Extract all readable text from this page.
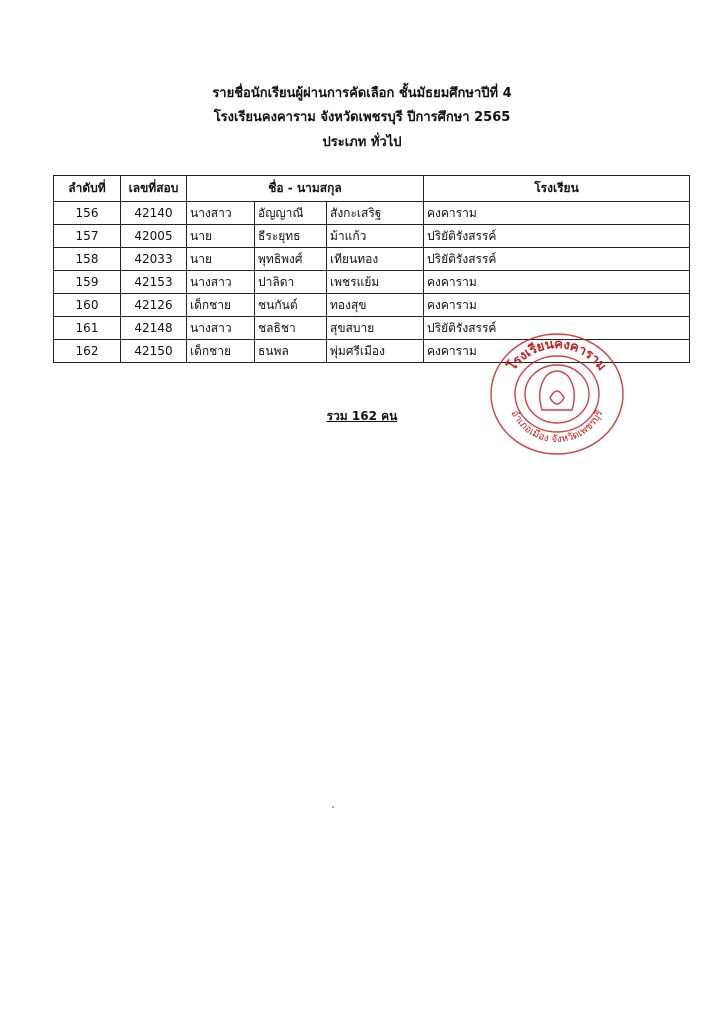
รายชื่อนักเรียนผู้ผ่านการคัดเลือก ชั้นมัธยมศึกษาปีที่ 4
โรงเรียนคงคาราม จังหวัดเพชรบุรี ปีการศึกษา 2565
ประเภท ทั่วไป
ลำดับที่	เลขที่สอบ	ชื่อ - นามสกุล			โรงเรียน
156	42140	นางสาว	อัญญาณี	สังกะเสริฐ	คงคาราม
157	42005	นาย	ธีระยุทธ	ม้าแก้ว	ปริยัติรังสรรค์
158	42033	นาย	พุทธิพงศ์	เทียนทอง	ปริยัติรังสรรค์
159	42153	นางสาว	ปาลิดา	เพชรแย้ม	คงคาราม
160	42126	เด็กชาย	ชนกันต์	ทองสุข	คงคาราม
161	42148	นางสาว	ชลธิชา	สุขสบาย	ปริยัติรังสรรค์
162	42150	เด็กชาย	ธนพล	พุ่มศรีเมือง	คงคาราม
รวม 162 คน
โรงเรียนคงคาราม
อำเภอเมือง จังหวัดเพชรบุรี
